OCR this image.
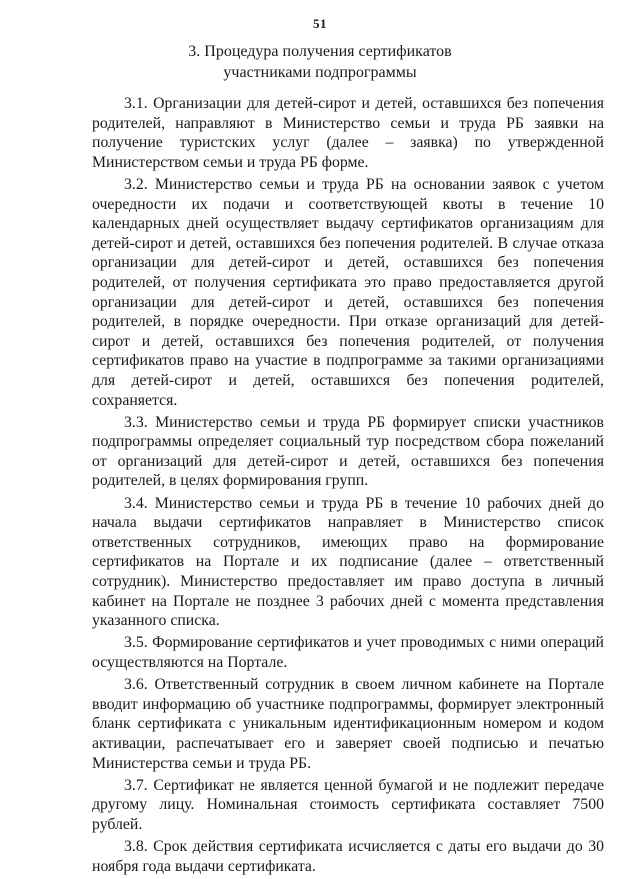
51
3. Процедура получения сертификатов
участниками подпрограммы

3.1. Организации для детей-сирот и детей, оставшихся без попечения родителей, направляют в Министерство семьи и труда РБ заявки на получение туристских услуг (далее – заявка) по утвержденной Министерством семьи и труда РБ форме.

3.2. Министерство семьи и труда РБ на основании заявок с учетом очередности их подачи и соответствующей квоты в течение 10 календарных дней осуществляет выдачу сертификатов организациям для детей-сирот и детей, оставшихся без попечения родителей. В случае отказа организации для детей-сирот и детей, оставшихся без попечения родителей, от получения сертификата это право предоставляется другой организации для детей-сирот и детей, оставшихся без попечения родителей, в порядке очередности. При отказе организаций для детей-сирот и детей, оставшихся без попечения родителей, от получения сертификатов право на участие в подпрограмме за такими организациями для детей-сирот и детей, оставшихся без попечения родителей, сохраняется.

3.3. Министерство семьи и труда РБ формирует списки участников подпрограммы определяет социальный тур посредством сбора пожеланий от организаций для детей-сирот и детей, оставшихся без попечения родителей, в целях формирования групп.

3.4. Министерство семьи и труда РБ в течение 10 рабочих дней до начала выдачи сертификатов направляет в Министерство список ответственных сотрудников, имеющих право на формирование сертификатов на Портале и их подписание (далее – ответственный сотрудник). Министерство предоставляет им право доступа в личный кабинет на Портале не позднее 3 рабочих дней с момента представления указанного списка.

3.5. Формирование сертификатов и учет проводимых с ними операций осуществляются на Портале.

3.6. Ответственный сотрудник в своем личном кабинете на Портале вводит информацию об участнике подпрограммы, формирует электронный бланк сертификата с уникальным идентификационным номером и кодом активации, распечатывает его и заверяет своей подписью и печатью Министерства семьи и труда РБ.

3.7. Сертификат не является ценной бумагой и не подлежит передаче другому лицу. Номинальная стоимость сертификата составляет 7500 рублей.

3.8. Срок действия сертификата исчисляется с даты его выдачи до 30 ноября года выдачи сертификата.
